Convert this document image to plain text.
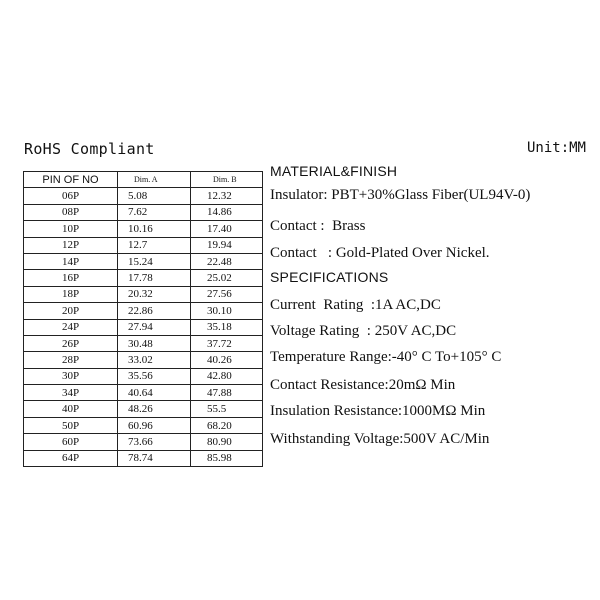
RoHS Compliant	Unit:MM
PIN OF NO	Dim. A	Dim. B
06P	5.08	12.32
08P	7.62	14.86
10P	10.16	17.40
12P	12.7	19.94
14P	15.24	22.48
16P	17.78	25.02
18P	20.32	27.56
20P	22.86	30.10
24P	27.94	35.18
26P	30.48	37.72
28P	33.02	40.26
30P	35.56	42.80
34P	40.64	47.88
40P	48.26	55.5
50P	60.96	68.20
60P	73.66	80.90
64P	78.74	85.98
MATERIAL&FINISH
Insulator: PBT+30%Glass Fiber(UL94V-0)
Contact :  Brass
Contact   : Gold-Plated Over Nickel.
SPECIFICATIONS
Current  Rating  :1A AC,DC
Voltage Rating  : 250V AC,DC
Temperature Range:-40° C To+105° C
Contact Resistance:20mΩ Min
Insulation Resistance:1000MΩ Min
Withstanding Voltage:500V AC/Min
